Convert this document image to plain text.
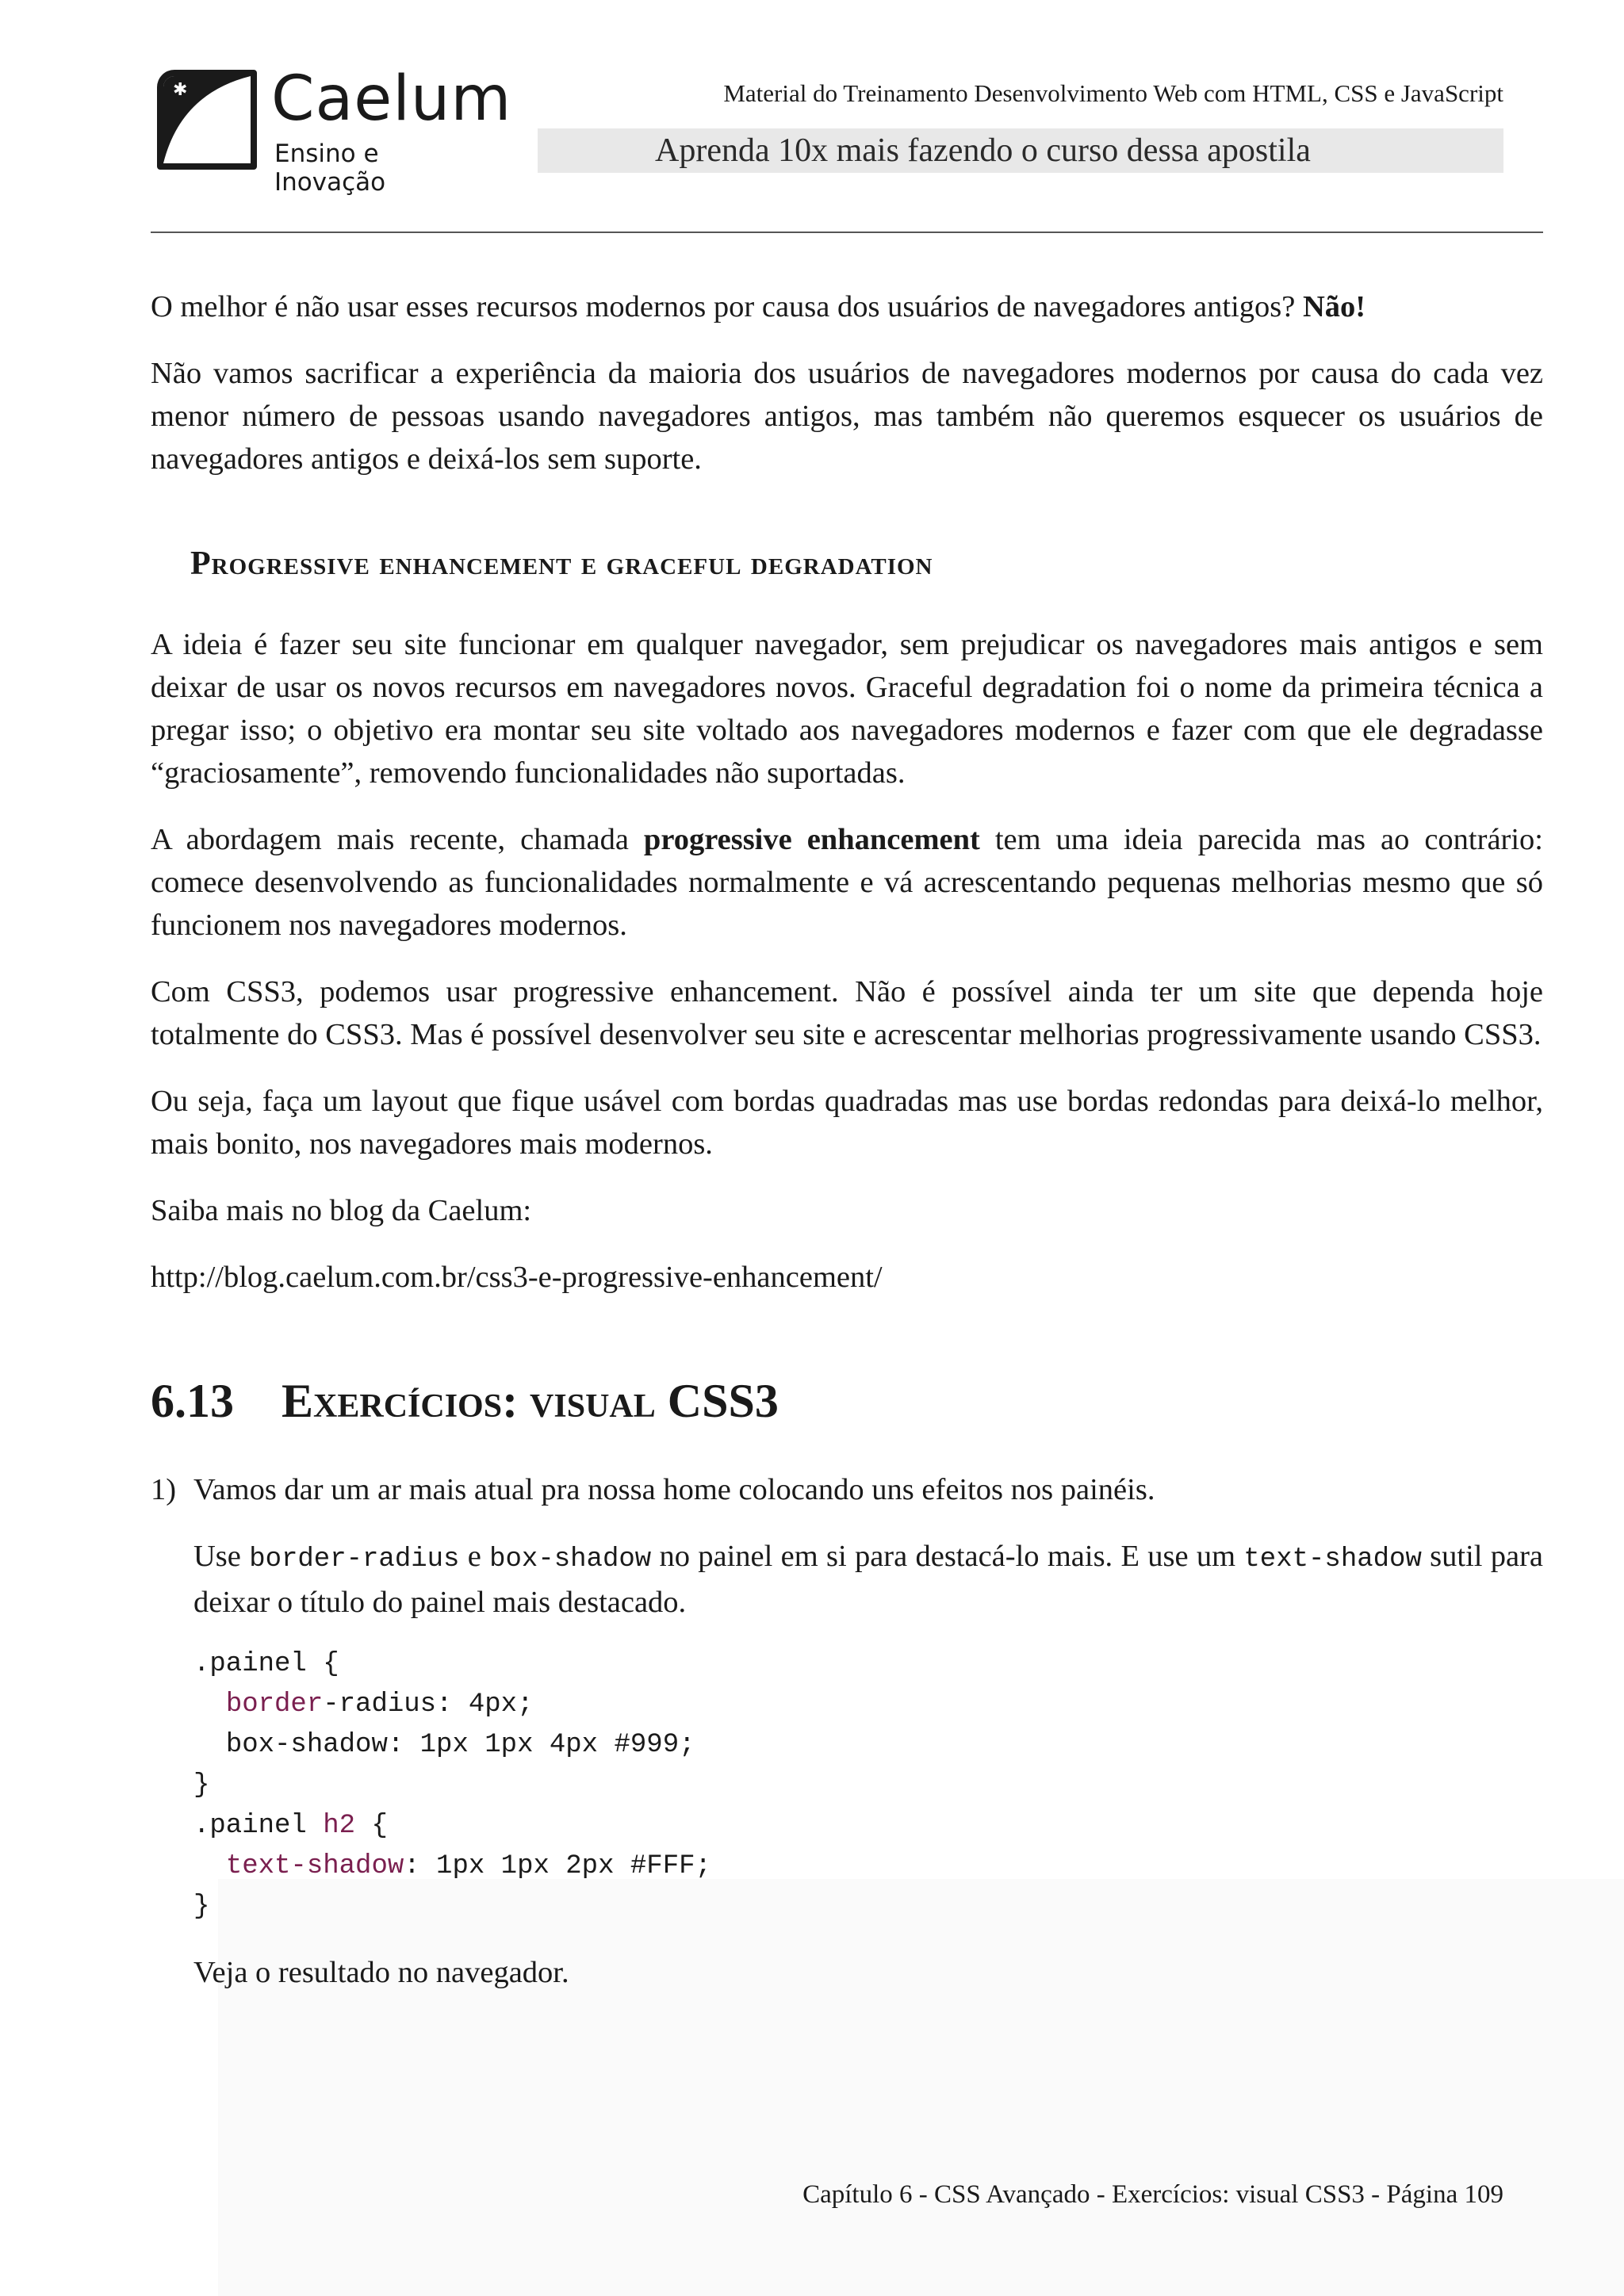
✱ Caelum
Ensino e Inovação
Material do Treinamento Desenvolvimento Web com HTML, CSS e JavaScript
Aprenda 10x mais fazendo o curso dessa apostila

O melhor é não usar esses recursos modernos por causa dos usuários de navegadores antigos? Não!

Não vamos sacrificar a experiência da maioria dos usuários de navegadores modernos por causa do cada vez menor número de pessoas usando navegadores antigos, mas também não queremos esquecer os usuários de navegadores antigos e deixá-los sem suporte.

Progressive enhancement e graceful degradation

A ideia é fazer seu site funcionar em qualquer navegador, sem prejudicar os navegadores mais antigos e sem deixar de usar os novos recursos em navegadores novos. Graceful degradation foi o nome da primeira técnica a pregar isso; o objetivo era montar seu site voltado aos navegadores modernos e fazer com que ele degradasse “graciosamente”, removendo funcionalidades não suportadas.

A abordagem mais recente, chamada progressive enhancement tem uma ideia parecida mas ao contrário: comece desenvolvendo as funcionalidades normalmente e vá acrescentando pequenas melhorias mesmo que só funcionem nos navegadores modernos.

Com CSS3, podemos usar progressive enhancement. Não é possível ainda ter um site que dependa hoje totalmente do CSS3. Mas é possível desenvolver seu site e acrescentar melhorias progressivamente usando CSS3.

Ou seja, faça um layout que fique usável com bordas quadradas mas use bordas redondas para deixá-lo melhor, mais bonito, nos navegadores mais modernos.

Saiba mais no blog da Caelum:

http://blog.caelum.com.br/css3-e-progressive-enhancement/

6.13 Exercícios: visual CSS3
1) Vamos dar um ar mais atual pra nossa home colocando uns efeitos nos painéis.

Use border-radius e box-shadow no painel em si para destacá-lo mais. E use um text-shadow sutil para deixar o título do painel mais destacado.

.painel {
border-radius: 4px;
box-shadow: 1px 1px 4px #999;
}
.painel h2 {
text-shadow: 1px 1px 2px #FFF;
}

Veja o resultado no navegador.

Capítulo 6 - CSS Avançado - Exercícios: visual CSS3 - Página 109
